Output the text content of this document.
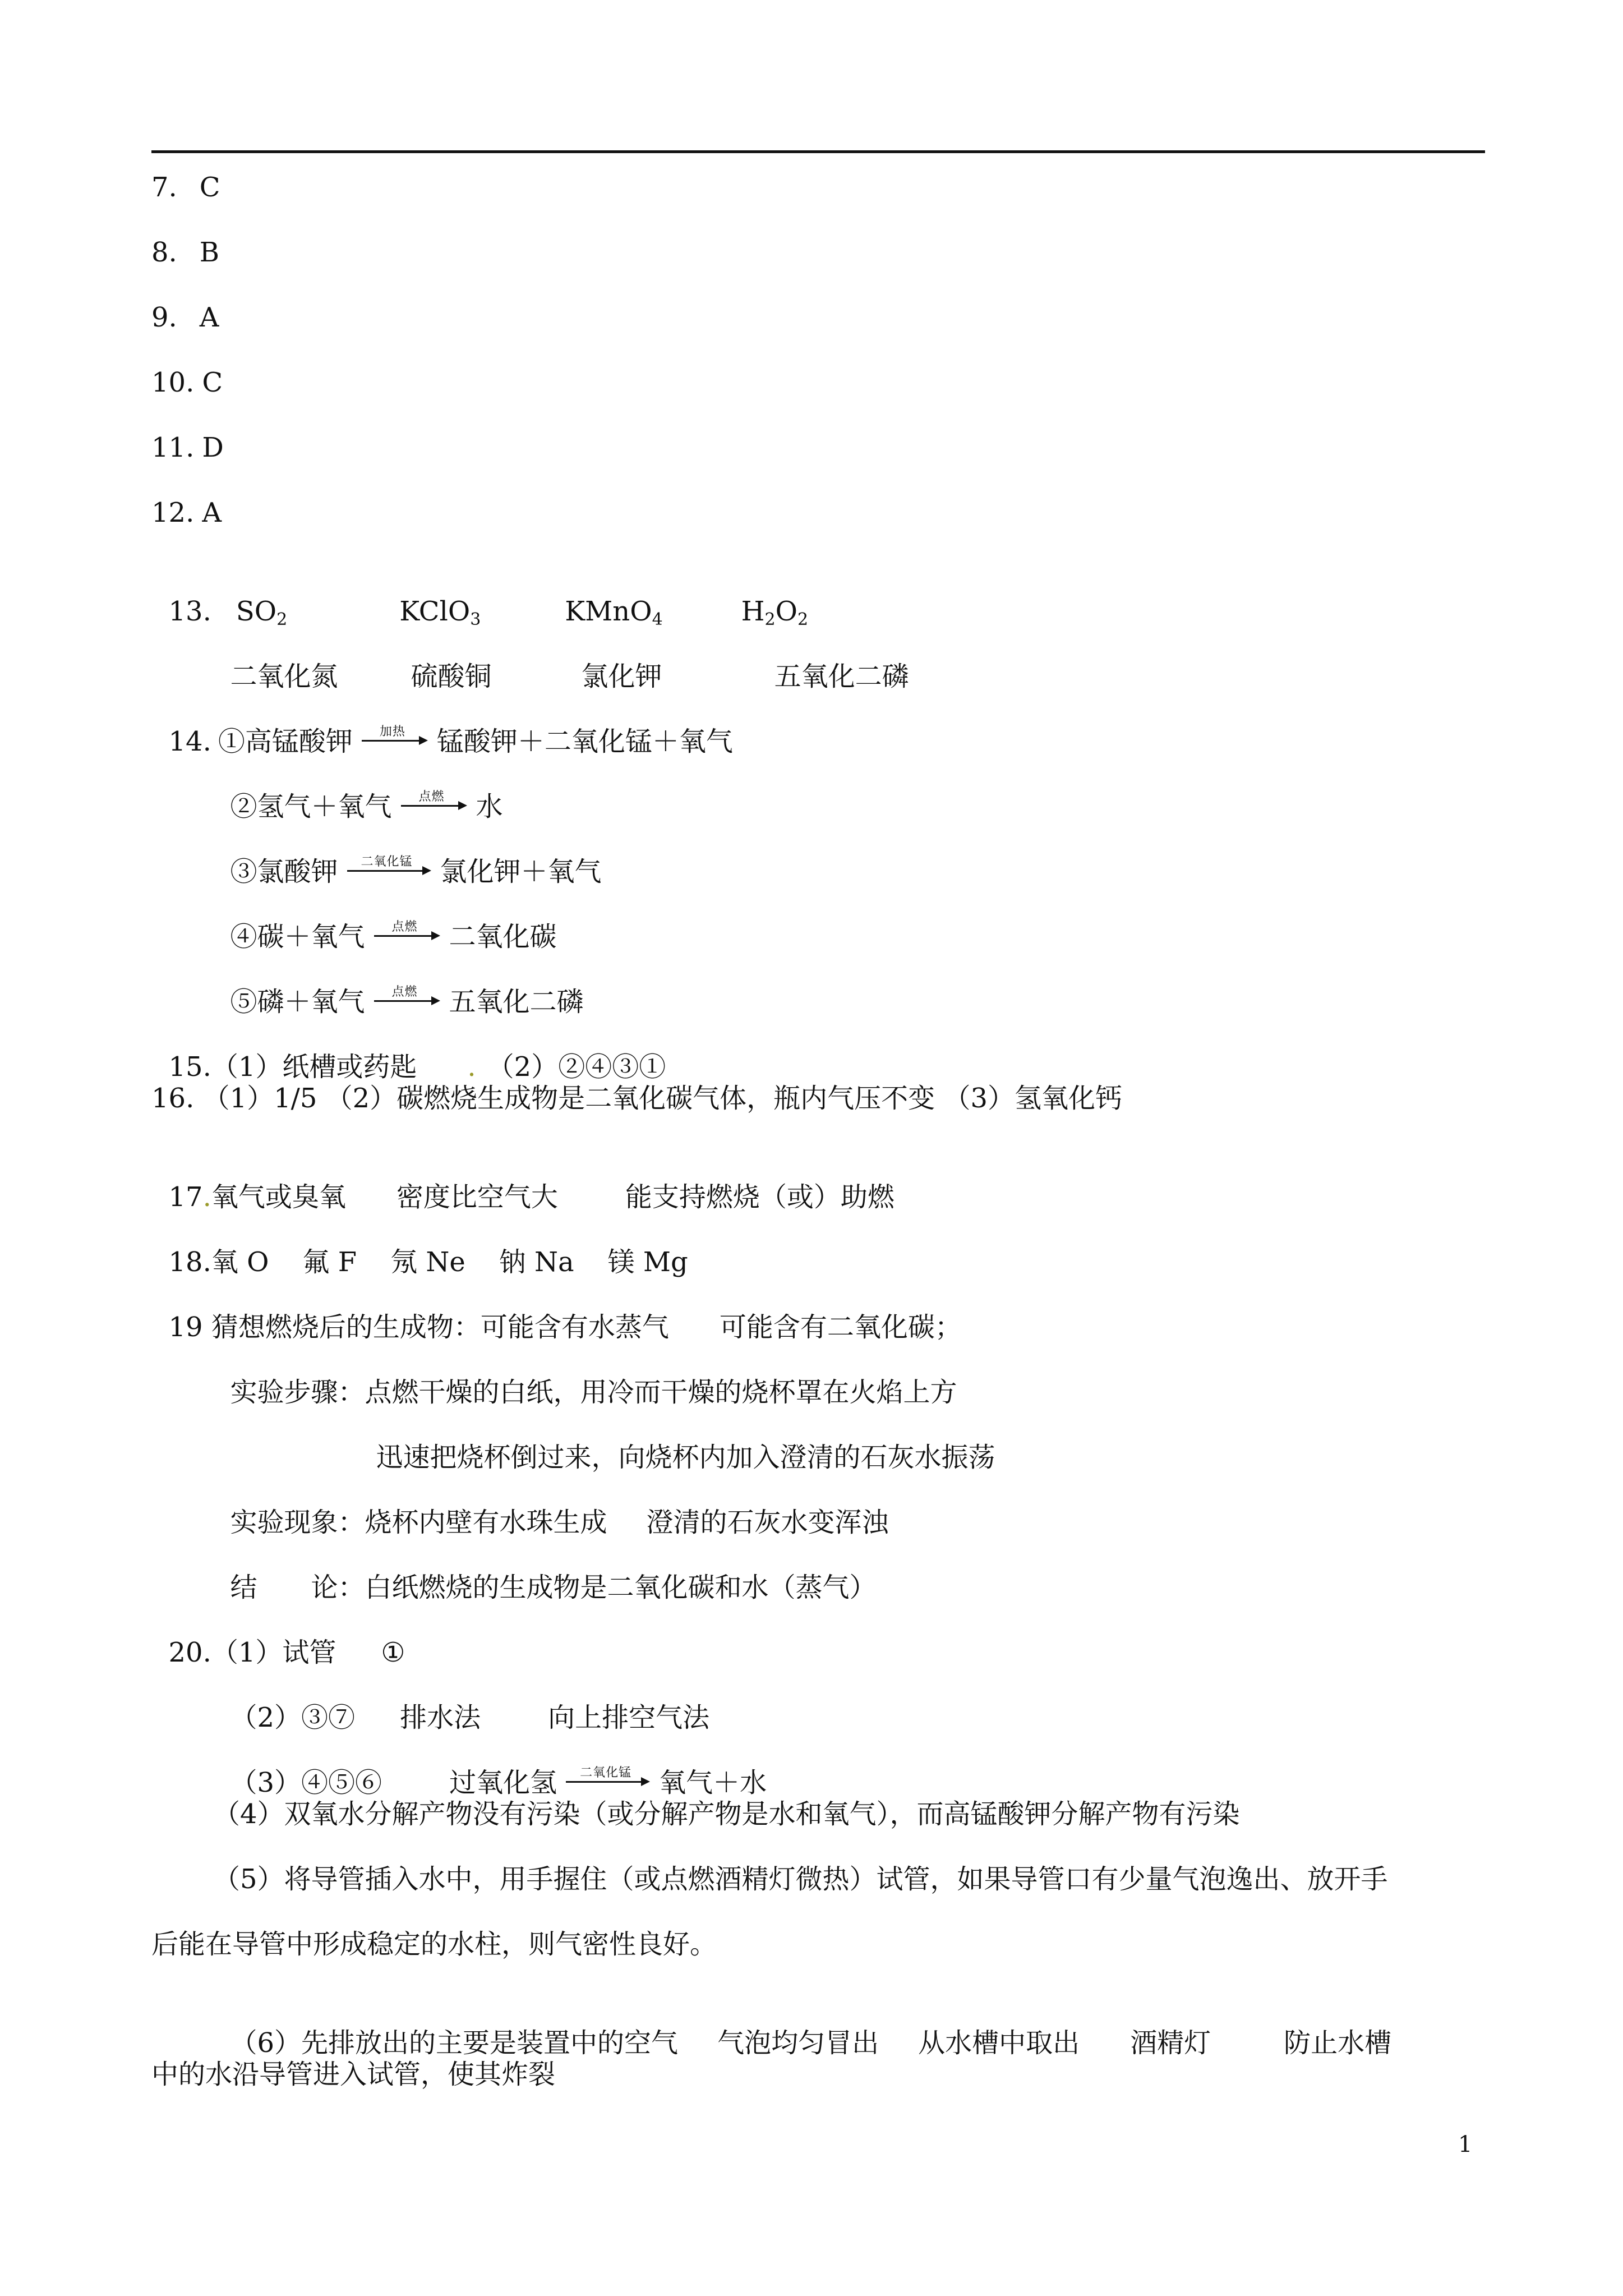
7. C
8. B
9. A
10. C
11. D
12. A

13. $SO_2$	KClO$_3$	KMnO$_4$	$H_2O_2$

二氧化氮	硫酸铜	氯化钾	五氧化二磷

14. ①高锰酸钾	加热	锰酸钾＋二氧化锰＋氧气

②氢气＋氧气	点燃	水

③氯酸钾	二氧化锰	氯化钾＋氧气

④碳＋氧气	点燃	二氧化碳

⑤磷＋氧气	点燃	五氧化二磷

15.（1）纸槽或药匙 . （2）②④③①

16. （1）1/5 （2）碳燃烧生成物是二氧化碳气体，瓶内气压不变 （3）氢氧化钙

17.氧气或臭氧 密度比空气大	能支持燃烧（或）助燃

18.氧 O 氟 F 氖 Ne 钠 Na 镁 Mg

19 猜想燃烧后的生成物：可能含有水蒸气 可能含有二氧化碳；

实验步骤：点燃干燥的白纸，用冷而干燥的烧杯罩在火焰上方

迅速把烧杯倒过来，向烧杯内加入澄清的石灰水振荡

实验现象：烧杯内壁有水珠生成 澄清的石灰水变浑浊

结 论：白纸燃烧的生成物是二氧化碳和水（蒸气）

20.（1）试管 ①

（2）③⑦ 排水法	向上排空气法

（3）④⑤⑥	过氧化氢	二氧化锰	氧气＋水

（4）双氧水分解产物没有污染（或分解产物是水和氧气），而高锰酸钾分解产物有污染
（5）将导管插入水中，用手握住（或点燃酒精灯微热）试管，如果导管口有少量气泡逸出、放开手
后能在导管中形成稳定的水柱，则气密性良好。

（6）先排放出的主要是装置中的空气 气泡均匀冒出 从水槽中取出 酒精灯	防止水槽

中的水沿导管进入试管，使其炸裂
1
